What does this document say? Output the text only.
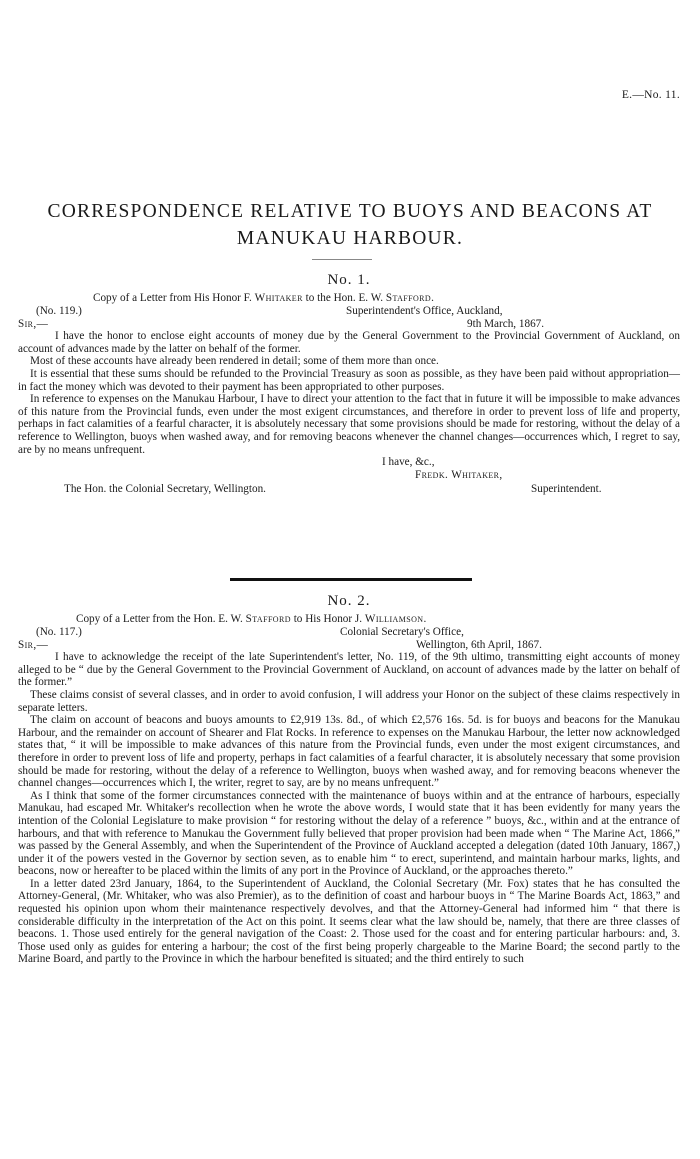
E.—No. 11.
CORRESPONDENCE RELATIVE TO BUOYS AND BEACONS AT
MANUKAU HARBOUR.
No. 1.
Copy of a Letter from His Honor F. Whitaker to the Hon. E. W. Stafford.
(No. 119.)	Superintendent's Office, Auckland,
Sir,—	9th March, 1867.

I have the honor to enclose eight accounts of money due by the General Government to the Provincial Government of Auckland, on account of advances made by the latter on behalf of the former.

Most of these accounts have already been rendered in detail; some of them more than once.

It is essential that these sums should be refunded to the Provincial Treasury as soon as possible, as they have been paid without appropriation—in fact the money which was devoted to their payment has been appropriated to other purposes.

In reference to expenses on the Manukau Harbour, I have to direct your attention to the fact that in future it will be impossible to make advances of this nature from the Provincial funds, even under the most exigent circumstances, and therefore in order to prevent loss of life and property, perhaps in fact calamities of a fearful character, it is absolutely necessary that some provisions should be made for restoring, without the delay of a reference to Wellington, buoys when washed away, and for removing beacons whenever the channel changes—occurrences which, I regret to say, are by no means unfrequent.

I have, &c.,
Fredk. Whitaker,
The Hon. the Colonial Secretary, Wellington.	Superintendent.
No. 2.
Copy of a Letter from the Hon. E. W. Stafford to His Honor J. Williamson.
(No. 117.)	Colonial Secretary's Office,
Sir,—	Wellington, 6th April, 1867.

I have to acknowledge the receipt of the late Superintendent's letter, No. 119, of the 9th ultimo, transmitting eight accounts of money alleged to be “ due by the General Government to the Provincial Government of Auckland, on account of advances made by the latter on behalf of the former.”

These claims consist of several classes, and in order to avoid confusion, I will address your Honor on the subject of these claims respectively in separate letters.

The claim on account of beacons and buoys amounts to £2,919 13s. 8d., of which £2,576 16s. 5d. is for buoys and beacons for the Manukau Harbour, and the remainder on account of Shearer and Flat Rocks. In reference to expenses on the Manukau Harbour, the letter now acknowledged states that, “ it will be impossible to make advances of this nature from the Provincial funds, even under the most exigent circumstances, and therefore in order to prevent loss of life and property, perhaps in fact calamities of a fearful character, it is absolutely necessary that some provision should be made for restoring, without the delay of a reference to Wellington, buoys when washed away, and for removing beacons whenever the channel changes—occurrences which I, the writer, regret to say, are by no means unfrequent.”

As I think that some of the former circumstances connected with the maintenance of buoys within and at the entrance of harbours, especially Manukau, had escaped Mr. Whitaker's recollection when he wrote the above words, I would state that it has been evidently for many years the intention of the Colonial Legislature to make provision “ for restoring without the delay of a reference ” buoys, &c., within and at the entrance of harbours, and that with reference to Manukau the Government fully believed that proper provision had been made when “ The Marine Act, 1866,” was passed by the General Assembly, and when the Superintendent of the Province of Auckland accepted a delegation (dated 10th January, 1867,) under it of the powers vested in the Governor by section seven, as to enable him “ to erect, superintend, and maintain harbour marks, lights, and beacons, now or hereafter to be placed within the limits of any port in the Province of Auckland, or the approaches thereto.”

In a letter dated 23rd January, 1864, to the Superintendent of Auckland, the Colonial Secretary (Mr. Fox) states that he has consulted the Attorney-General, (Mr. Whitaker, who was also Premier), as to the definition of coast and harbour buoys in “ The Marine Boards Act, 1863,” and requested his opinion upon whom their maintenance respectively devolves, and that the Attorney-General had informed him “ that there is considerable difficulty in the interpretation of the Act on this point. It seems clear what the law should be, namely, that there are three classes of beacons. 1. Those used entirely for the general navigation of the Coast: 2. Those used for the coast and for entering particular harbours: and, 3. Those used only as guides for entering a harbour; the cost of the first being properly chargeable to the Marine Board; the second partly to the Marine Board, and partly to the Province in which the harbour benefited is situated; and the third entirely to such
